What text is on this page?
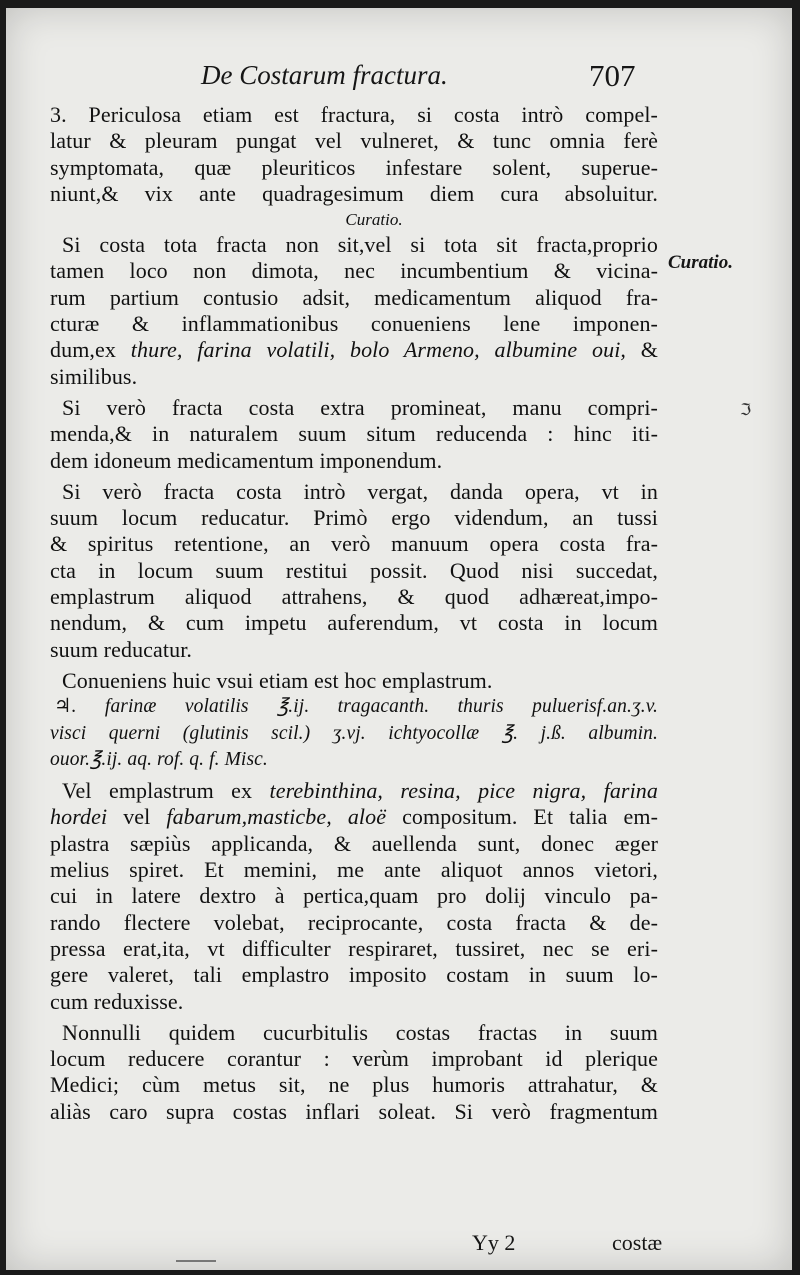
De Costarum fractura.	707
Curatio.
ℑ
3. Periculosa etiam est fractura, si costa intrò compel-
latur & pleuram pungat vel vulneret, & tunc omnia ferè
symptomata, quæ pleuriticos infestare solent, superue-
niunt,& vix ante quadragesimum diem cura absoluitur.
Curatio.
Si costa tota fracta non sit,vel si tota sit fracta,proprio
tamen loco non dimota, nec incumbentium & vicina-
rum partium contusio adsit, medicamentum aliquod fra-
cturæ & inflammationibus conueniens lene imponen-
dum,ex thure, farina volatili, bolo Armeno, albumine oui, &
similibus.
Si verò fracta costa extra promineat, manu compri-
menda,& in naturalem suum situm reducenda : hinc iti-
dem idoneum medicamentum imponendum.
Si verò fracta costa intrò vergat, danda opera, vt in
suum locum reducatur. Primò ergo videndum, an tussi
& spiritus retentione, an verò manuum opera costa fra-
cta in locum suum restitui possit. Quod nisi succedat,
emplastrum aliquod attrahens, & quod adhæreat,impo-
nendum, & cum impetu auferendum, vt costa in locum
suum reducatur.
Conueniens huic vsui etiam est hoc emplastrum.
♃. farinæ volatilis ℥.ij. tragacanth. thuris puluerisf.an.ʒ.v.
visci querni (glutinis scil.) ʒ.vj. ichtyocollæ ℥. j.ß. albumin.
ouor.℥.ij. aq. rof. q. f. Misc.
Vel emplastrum ex terebinthina, resina, pice nigra, farina
hordei vel fabarum,masticbe, aloë compositum. Et talia em-
plastra sæpiùs applicanda, & auellenda sunt, donec æger
melius spiret. Et memini, me ante aliquot annos vietori,
cui in latere dextro à pertica,quam pro dolij vinculo pa-
rando flectere volebat, reciprocante, costa fracta & de-
pressa erat,ita, vt difficulter respiraret, tussiret, nec se eri-
gere valeret, tali emplastro imposito costam in suum lo-
cum reduxisse.
Nonnulli quidem cucurbitulis costas fractas in suum
locum reducere corantur : verùm improbant id plerique
Medici; cùm metus sit, ne plus humoris attrahatur, &
aliàs caro supra costas inflari soleat. Si verò fragmentum
Yy 2	costæ
